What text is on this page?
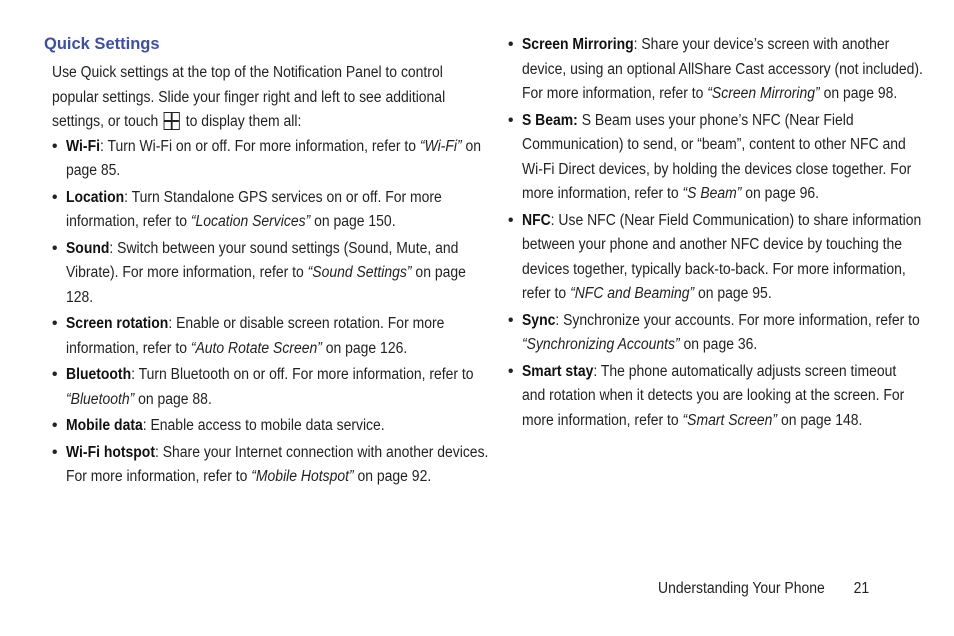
Quick Settings

Use Quick settings at the top of the Notification Panel to control popular settings. Slide your finger right and left to see additional settings, or touch  to display them all:

• Wi-Fi: Turn Wi-Fi on or off. For more information, refer to “Wi-Fi” on page 85.
• Location: Turn Standalone GPS services on or off. For more information, refer to “Location Services” on page 150.
• Sound: Switch between your sound settings (Sound, Mute, and Vibrate). For more information, refer to “Sound Settings” on page 128.
• Screen rotation: Enable or disable screen rotation. For more information, refer to “Auto Rotate Screen” on page 126.
• Bluetooth: Turn Bluetooth on or off. For more information, refer to “Bluetooth” on page 88.
• Mobile data: Enable access to mobile data service.
• Wi-Fi hotspot: Share your Internet connection with another devices. For more information, refer to “Mobile Hotspot” on page 92.
• Screen Mirroring: Share your device’s screen with another device, using an optional AllShare Cast accessory (not included). For more information, refer to “Screen Mirroring” on page 98.
• S Beam: S Beam uses your phone’s NFC (Near Field Communication) to send, or “beam”, content to other NFC and Wi-Fi Direct devices, by holding the devices close together. For more information, refer to “S Beam” on page 96.
• NFC: Use NFC (Near Field Communication) to share information between your phone and another NFC device by touching the devices together, typically back-to-back. For more information, refer to “NFC and Beaming” on page 95.
• Sync: Synchronize your accounts. For more information, refer to “Synchronizing Accounts” on page 36.
• Smart stay: The phone automatically adjusts screen timeout and rotation when it detects you are looking at the screen. For more information, refer to “Smart Screen” on page 148.
Understanding Your Phone 21
